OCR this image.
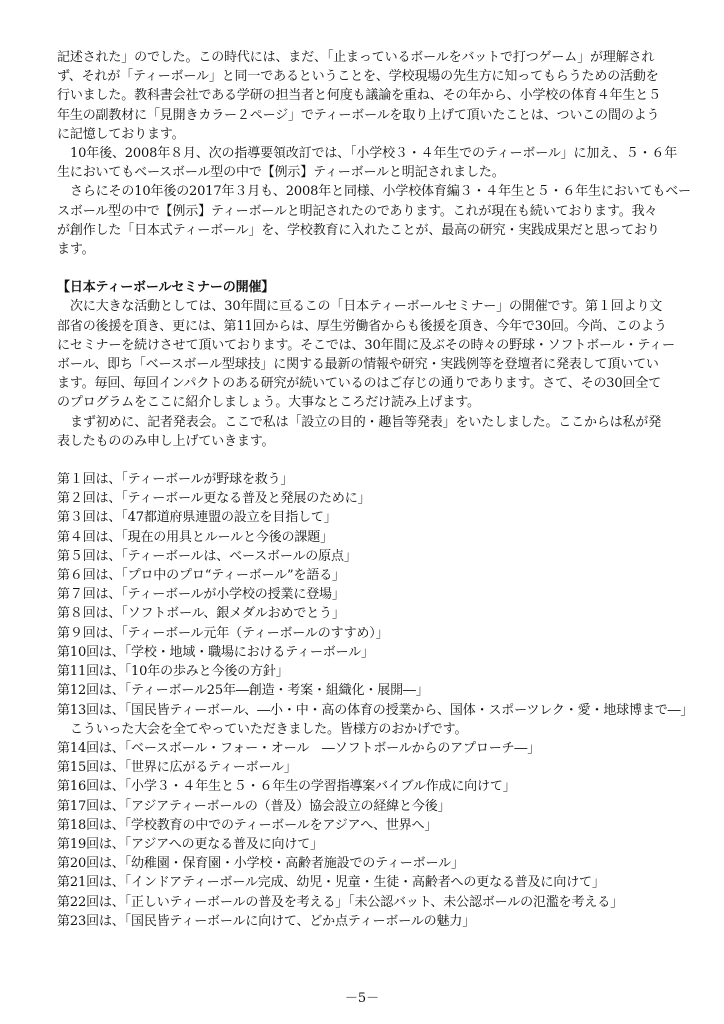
記述された」のでした。この時代には、まだ、「止まっているボールをバットで打つゲーム」が理解され
ず、それが「ティーボール」と同一であるということを、学校現場の先生方に知ってもらうための活動を
行いました。教科書会社である学研の担当者と何度も議論を重ね、その年から、小学校の体育４年生と５
年生の副教材に「見開きカラー２ページ」でティーボールを取り上げて頂いたことは、ついこの間のよう
に記憶しております。
10年後、2008年８月、次の指導要領改訂では、「小学校３・４年生でのティーボール」に加え、５・６年
生においてもベースボール型の中で【例示】ティーボールと明記されました。
さらにその10年後の2017年３月も、2008年と同様、小学校体育編３・４年生と５・６年生においてもベー
スボール型の中で【例示】ティーボールと明記されたのであります。これが現在も続いております。我々
が創作した「日本式ティーボール」を、学校教育に入れたことが、最高の研究・実践成果だと思っており
ます。
【日本ティーボールセミナーの開催】
次に大きな活動としては、30年間に亘るこの「日本ティーボールセミナー」の開催です。第１回より文
部省の後援を頂き、更には、第11回からは、厚生労働省からも後援を頂き、今年で30回。今尚、このよう
にセミナーを続けさせて頂いております。そこでは、30年間に及ぶその時々の野球・ソフトボール・ティー
ボール、即ち「ベースボール型球技」に関する最新の情報や研究・実践例等を登壇者に発表して頂いてい
ます。毎回、毎回インパクトのある研究が続いているのはご存じの通りであります。さて、その30回全て
のプログラムをここに紹介しましょう。大事なところだけ読み上げます。
まず初めに、記者発表会。ここで私は「設立の目的・趣旨等発表」をいたしました。ここからは私が発
表したもののみ申し上げていきます。
第１回は、「ティーボールが野球を救う」
第２回は、「ティーボール更なる普及と発展のために」
第３回は、「47都道府県連盟の設立を目指して」
第４回は、「現在の用具とルールと今後の課題」
第５回は、「ティーボールは、ベースボールの原点」
第６回は、「プロ中のプロ“ティーボール”を語る」
第７回は、「ティーボールが小学校の授業に登場」
第８回は、「ソフトボール、銀メダルおめでとう」
第９回は、「ティーボール元年（ティーボールのすすめ）」
第10回は、「学校・地域・職場におけるティーボール」
第11回は、「10年の歩みと今後の方針」
第12回は、「ティーボール25年―創造・考案・組織化・展開―」
第13回は、「国民皆ティーボール、―小・中・高の体育の授業から、国体・スポーツレク・愛・地球博まで―」
こういった大会を全てやっていただきました。皆様方のおかげです。
第14回は、「ベースボール・フォー・オール　―ソフトボールからのアプローチ―」
第15回は、「世界に広がるティーボール」
第16回は、「小学３・４年生と５・６年生の学習指導案バイブル作成に向けて」
第17回は、「アジアティーボールの（普及）協会設立の経緯と今後」
第18回は、「学校教育の中でのティーボールをアジアへ、世界へ」
第19回は、「アジアへの更なる普及に向けて」
第20回は、「幼稚園・保育園・小学校・高齢者施設でのティーボール」
第21回は、「インドアティーボール完成、幼児・児童・生徒・高齢者への更なる普及に向けて」
第22回は、「正しいティーボールの普及を考える」「未公認バット、未公認ボールの氾濫を考える」
第23回は、「国民皆ティーボールに向けて、どか点ティーボールの魅力」
－5－
